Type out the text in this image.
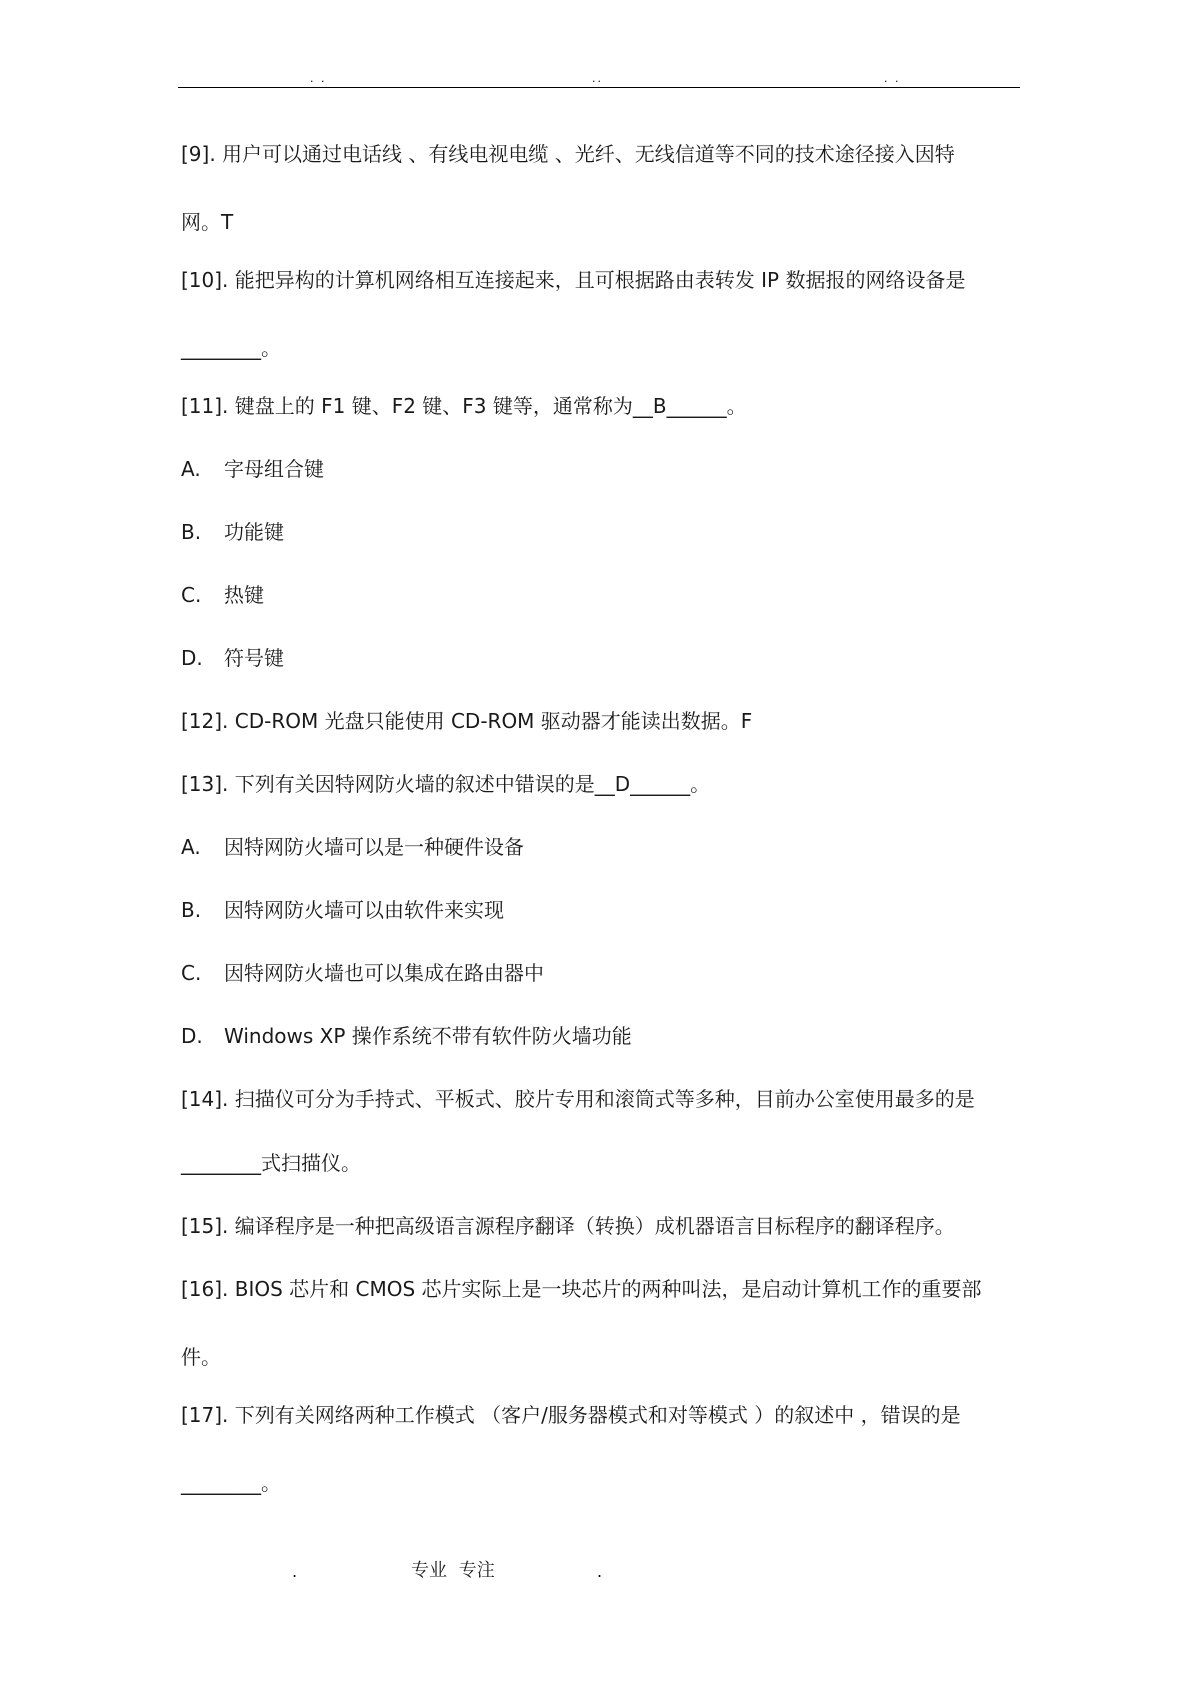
. .	..	. .
[9]. 用户可以通过电话线 、有线电视电缆 、光纤、无线信道等不同的技术途径接入因特
网。T
[10]. 能把异构的计算机网络相互连接起来，且可根据路由表转发 IP 数据报的网络设备是
________。
[11]. 键盘上的 F1 键、F2 键、F3 键等，通常称为__B______。
A. 字母组合键
B. 功能键
C. 热键
D. 符号键
[12]. CD-ROM 光盘只能使用 CD-ROM 驱动器才能读出数据。F
[13]. 下列有关因特网防火墙的叙述中错误的是__D______。
A. 因特网防火墙可以是一种硬件设备
B. 因特网防火墙可以由软件来实现
C. 因特网防火墙也可以集成在路由器中
D. Windows XP 操作系统不带有软件防火墙功能
[14]. 扫描仪可分为手持式、平板式、胶片专用和滚筒式等多种，目前办公室使用最多的是
________式扫描仪。
[15]. 编译程序是一种把高级语言源程序翻译（转换）成机器语言目标程序的翻译程序。
[16]. BIOS 芯片和 CMOS 芯片实际上是一块芯片的两种叫法，是启动计算机工作的重要部
件。
[17]. 下列有关网络两种工作模式 （客户/服务器模式和对等模式 ）的叙述中 ，错误的是
________。
.	专业 专注	.
